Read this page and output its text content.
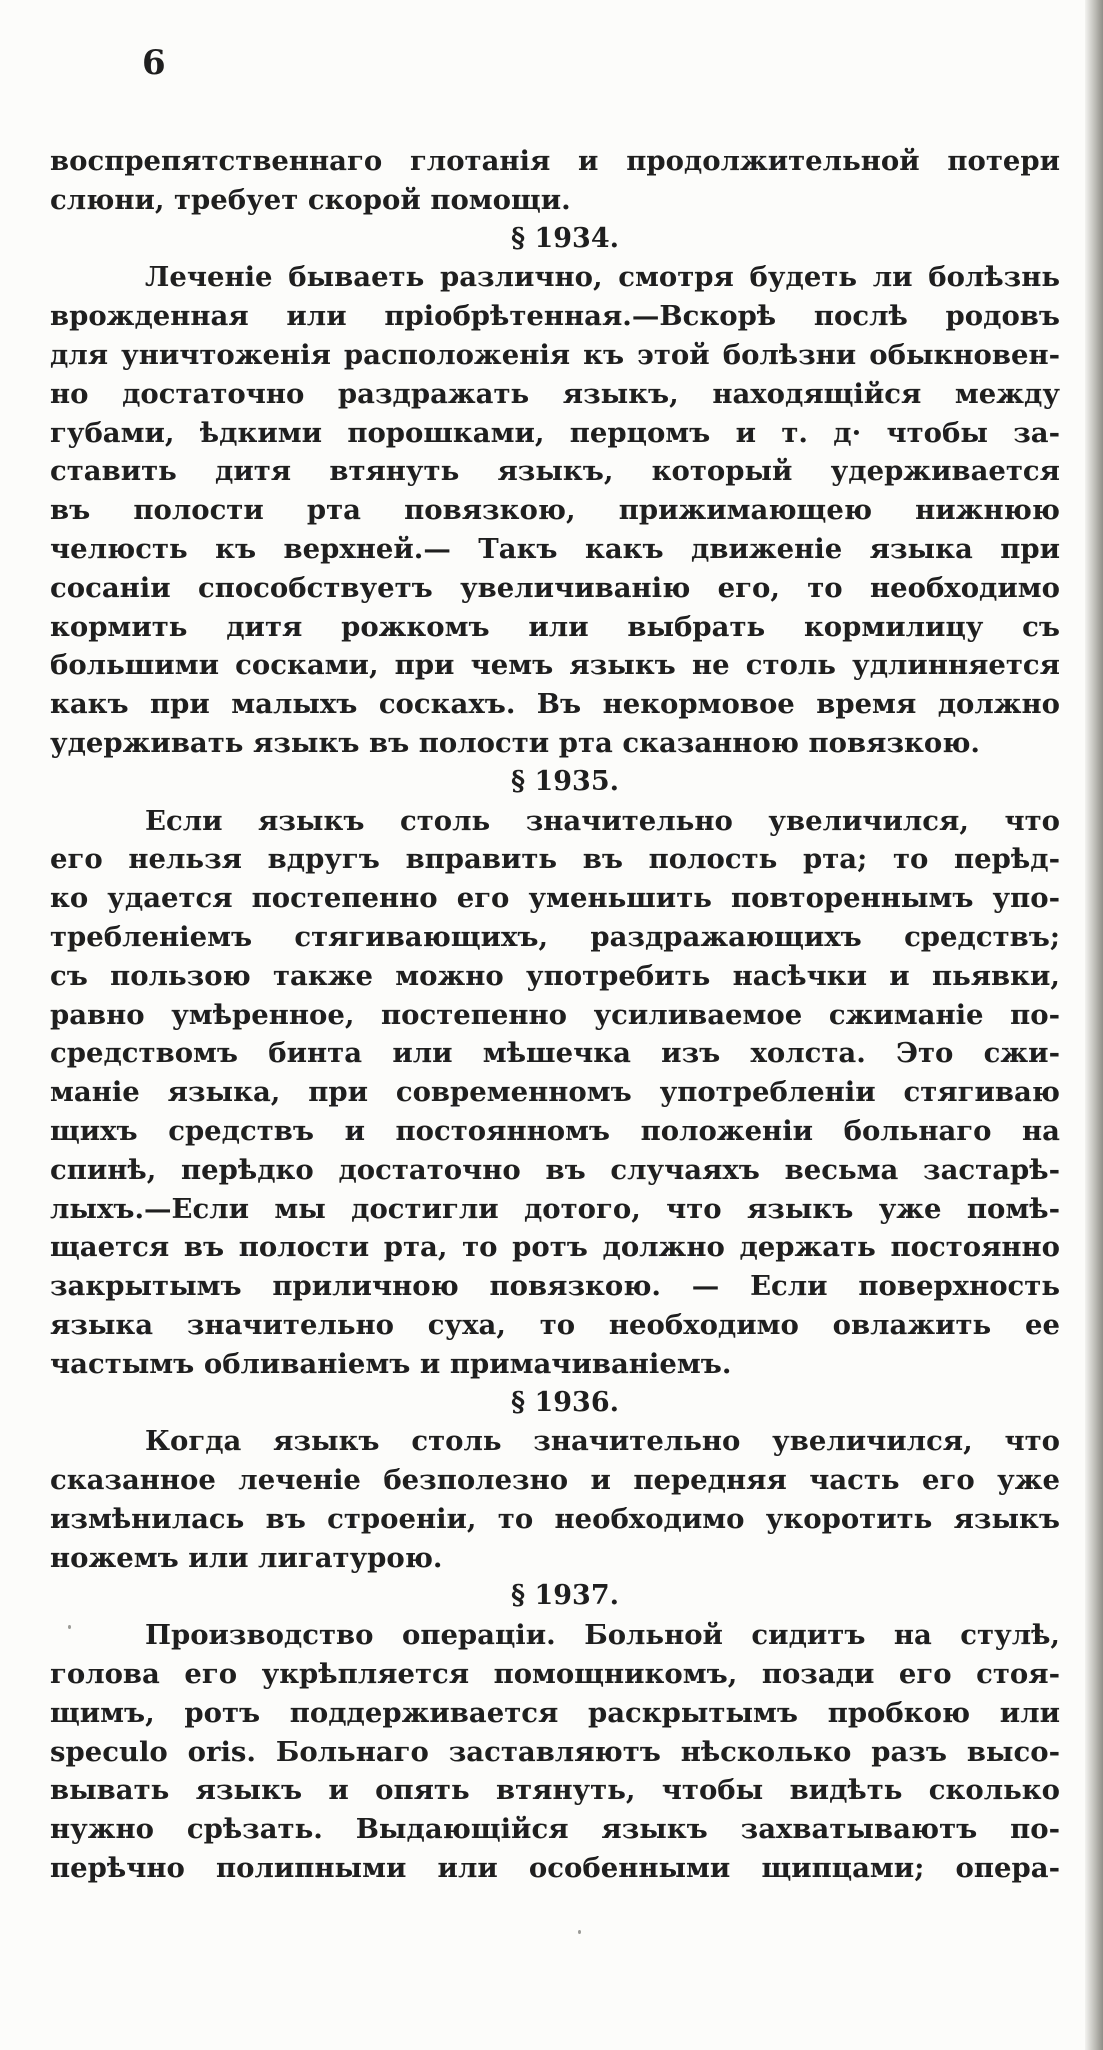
6
воспрепятственнаго глотанія и продолжительной потери
слюни, требует скорой помощи.
§ 1934.
Леченіе бываеть различно, смотря будеть ли болѣзнь
врожденная или пріобрѣтенная.—Вскорѣ послѣ родовъ
для уничтоженія расположенія къ этой болѣзни обыкновен-
но достаточно раздражать языкъ, находящійся между
губами, ѣдкими порошками, перцомъ и т. д· чтобы за-
ставить дитя втянуть языкъ, который удерживается
въ полости рта повязкою, прижимающею нижнюю
челюсть къ верхней.— Такъ какъ движеніе языка при
сосаніи способствуетъ увеличиванію его, то необходимо
кормить дитя рожкомъ или выбрать кормилицу съ
большими сосками, при чемъ языкъ не столь удлинняется
какъ при малыхъ соскахъ. Въ некормовое время должно
удерживать языкъ въ полости рта сказанною повязкою.
§ 1935.
Если языкъ столь значительно увеличился, что
его нельзя вдругъ вправить въ полость рта; то перѣд-
ко удается постепенно его уменьшить повтореннымъ упо-
требленіемъ стягивающихъ, раздражающихъ средствъ;
съ пользою также можно употребить насѣчки и пьявки,
равно умѣренное, постепенно усиливаемое сжиманіе по-
средствомъ бинта или мѣшечка изъ холста. Это сжи-
маніе языка, при современномъ употребленіи стягиваю
щихъ средствъ и постоянномъ положеніи больнаго на
спинѣ, перѣдко достаточно въ случаяхъ весьма застарѣ-
лыхъ.—Если мы достигли дотого, что языкъ уже помѣ-
щается въ полости рта, то ротъ должно держать постоянно
закрытымъ приличною повязкою. — Если поверхность
языка значительно суха, то необходимо овлажить ее
частымъ обливаніемъ и примачиваніемъ.
§ 1936.
Когда языкъ столь значительно увеличился, что
сказанное леченіе безполезно и передняя часть его уже
измѣнилась въ строеніи, то необходимо укоротить языкъ
ножемъ или лигатурою.
§ 1937.
Производство операціи. Больной сидитъ на стулѣ,
голова его укрѣпляется помощникомъ, позади его стоя-
щимъ, ротъ поддерживается раскрытымъ пробкою или
speculo oris. Больнаго заставляютъ нѣсколько разъ высо-
вывать языкъ и опять втянуть, чтобы видѣть сколько
нужно срѣзать. Выдающійся языкъ захватываютъ по-
перѣчно полипными или особенными щипцами; опера-
